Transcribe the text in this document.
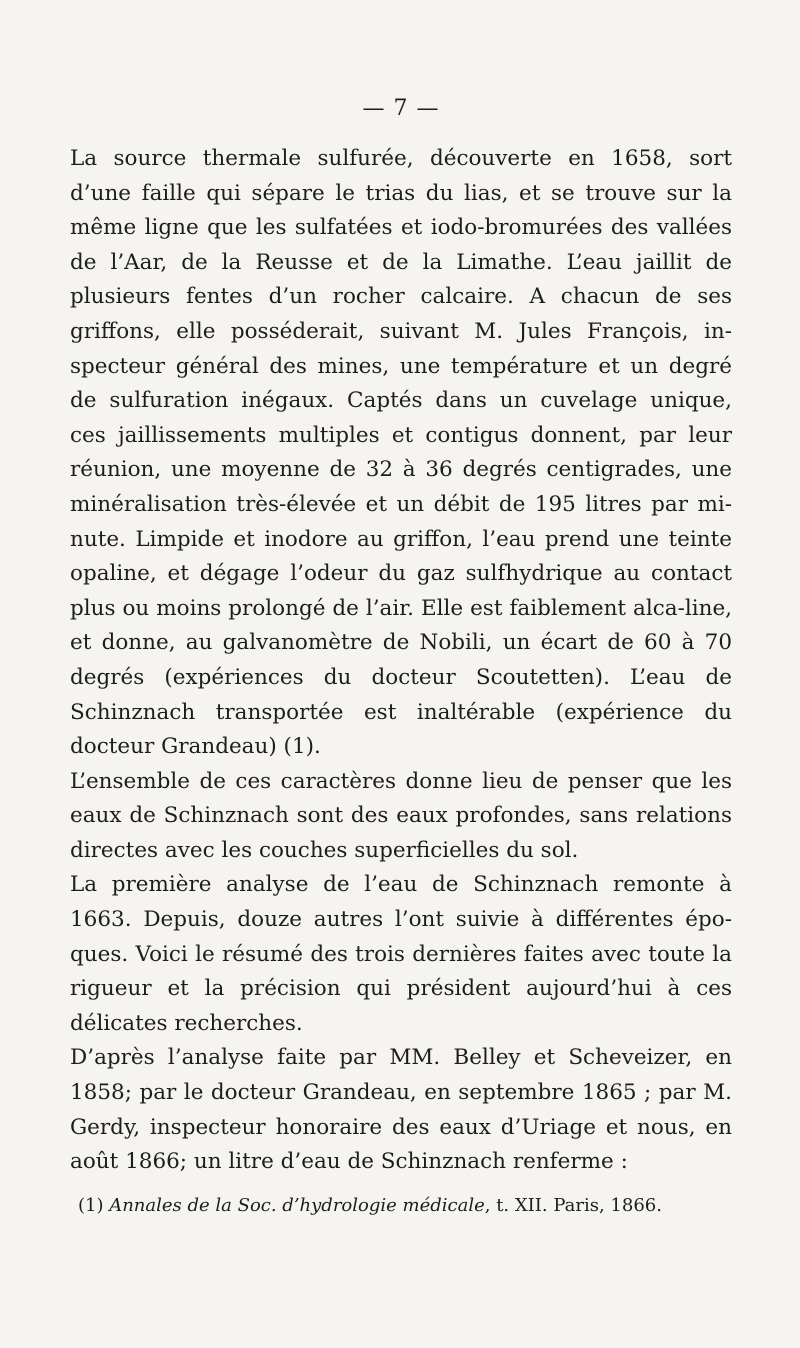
— 7 —

La source thermale sulfurée, découverte en 1658, sort d’une faille qui sépare le trias du lias, et se trouve sur la même ligne que les sulfatées et iodo-bromurées des vallées de l’Aar, de la Reusse et de la Limathe. L’eau jaillit de plusieurs fentes d’un rocher calcaire. A chacun de ses griffons, elle posséderait, suivant M. Jules François, in-specteur général des mines, une température et un degré de sulfuration inégaux. Captés dans un cuvelage unique, ces jaillissements multiples et contigus donnent, par leur réunion, une moyenne de 32 à 36 degrés centigrades, une minéralisation très-élevée et un débit de 195 litres par mi-nute. Limpide et inodore au griffon, l’eau prend une teinte opaline, et dégage l’odeur du gaz sulfhydrique au contact plus ou moins prolongé de l’air. Elle est faiblement alca-line, et donne, au galvanomètre de Nobili, un écart de 60 à 70 degrés (expériences du docteur Scoutetten). L’eau de Schinznach transportée est inaltérable (expérience du docteur Grandeau) (1).

L’ensemble de ces caractères donne lieu de penser que les eaux de Schinznach sont des eaux profondes, sans relations directes avec les couches superficielles du sol.

La première analyse de l’eau de Schinznach remonte à 1663. Depuis, douze autres l’ont suivie à différentes épo-ques. Voici le résumé des trois dernières faites avec toute la rigueur et la précision qui président aujourd’hui à ces délicates recherches.

D’après l’analyse faite par MM. Belley et Scheveizer, en 1858; par le docteur Grandeau, en septembre 1865 ; par M. Gerdy, inspecteur honoraire des eaux d’Uriage et nous, en août 1866; un litre d’eau de Schinznach renferme :

(1) Annales de la Soc. d’hydrologie médicale, t. XII. Paris, 1866.
